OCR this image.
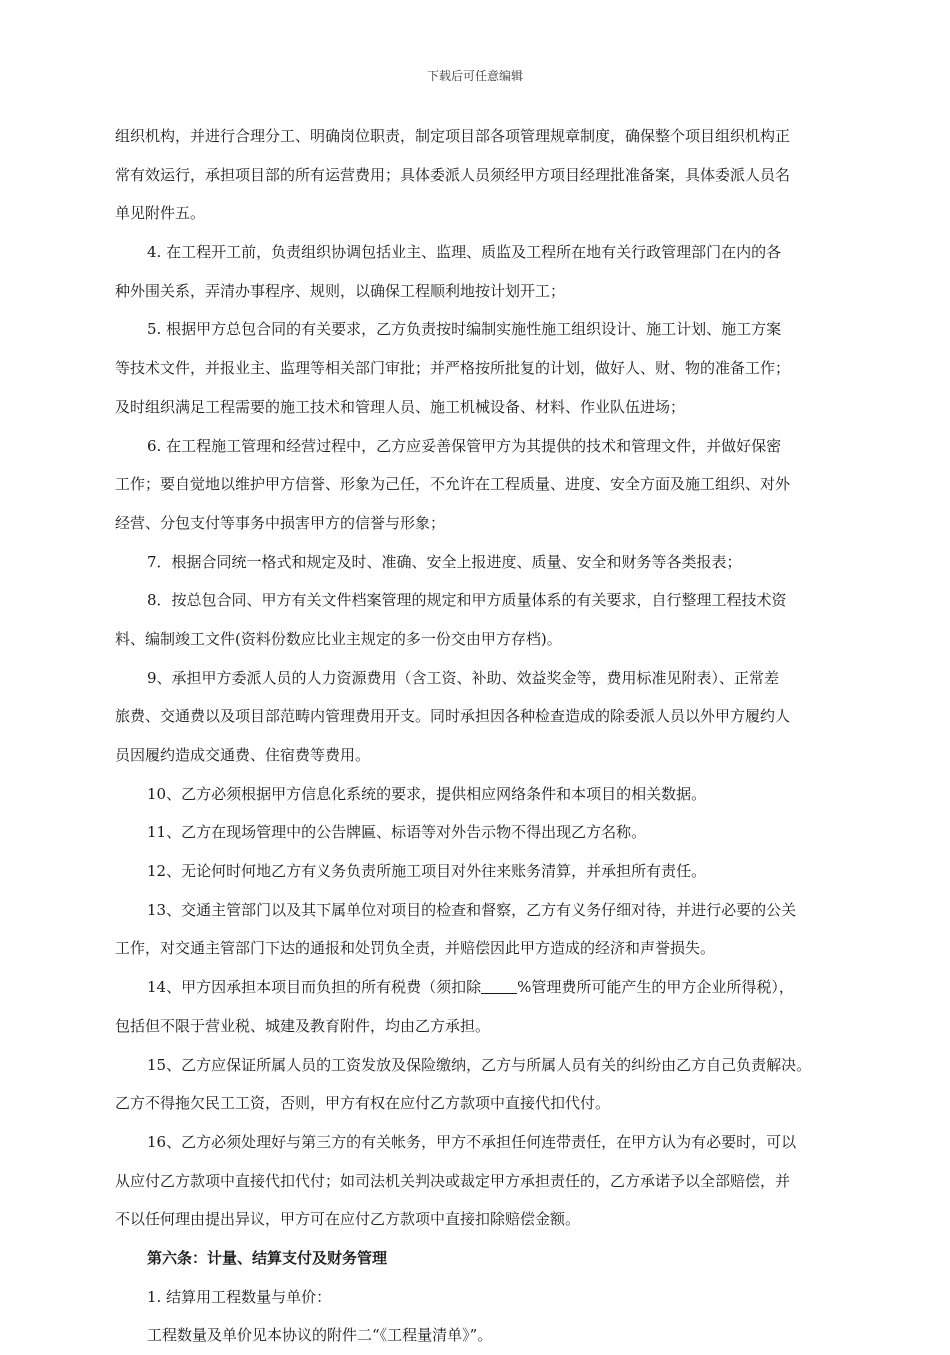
下载后可任意编辑
组织机构，并进行合理分工、明确岗位职责，制定项目部各项管理规章制度，确保整个项目组织机构正
常有效运行，承担项目部的所有运营费用；具体委派人员须经甲方项目经理批准备案，具体委派人员名
单见附件五。
4. 在工程开工前，负责组织协调包括业主、监理、质监及工程所在地有关行政管理部门在内的各
种外围关系，弄清办事程序、规则，以确保工程顺利地按计划开工；
5. 根据甲方总包合同的有关要求，乙方负责按时编制实施性施工组织设计、施工计划、施工方案
等技术文件，并报业主、监理等相关部门审批；并严格按所批复的计划，做好人、财、物的准备工作；
及时组织满足工程需要的施工技术和管理人员、施工机械设备、材料、作业队伍进场；
6. 在工程施工管理和经营过程中，乙方应妥善保管甲方为其提供的技术和管理文件，并做好保密
工作；要自觉地以维护甲方信誉、形象为己任，不允许在工程质量、进度、安全方面及施工组织、对外
经营、分包支付等事务中损害甲方的信誉与形象；
7．根据合同统一格式和规定及时、准确、安全上报进度、质量、安全和财务等各类报表；
8．按总包合同、甲方有关文件档案管理的规定和甲方质量体系的有关要求，自行整理工程技术资
料、编制竣工文件(资料份数应比业主规定的多一份交由甲方存档)。
9、承担甲方委派人员的人力资源费用（含工资、补助、效益奖金等，费用标准见附表）、正常差
旅费、交通费以及项目部范畴内管理费用开支。同时承担因各种检查造成的除委派人员以外甲方履约人
员因履约造成交通费、住宿费等费用。
10、乙方必须根据甲方信息化系统的要求，提供相应网络条件和本项目的相关数据。
11、乙方在现场管理中的公告牌匾、标语等对外告示物不得出现乙方名称。
12、无论何时何地乙方有义务负责所施工项目对外往来账务清算，并承担所有责任。
13、交通主管部门以及其下属单位对项目的检查和督察，乙方有义务仔细对待，并进行必要的公关
工作，对交通主管部门下达的通报和处罚负全责，并赔偿因此甲方造成的经济和声誉损失。
14、甲方因承担本项目而负担的所有税费（须扣除 %管理费所可能产生的甲方企业所得税），
包括但不限于营业税、城建及教育附件，均由乙方承担。
15、乙方应保证所属人员的工资发放及保险缴纳，乙方与所属人员有关的纠纷由乙方自己负责解决。
乙方不得拖欠民工工资，否则，甲方有权在应付乙方款项中直接代扣代付。
16、乙方必须处理好与第三方的有关帐务，甲方不承担任何连带责任，在甲方认为有必要时，可以
从应付乙方款项中直接代扣代付；如司法机关判决或裁定甲方承担责任的，乙方承诺予以全部赔偿，并
不以任何理由提出异议，甲方可在应付乙方款项中直接扣除赔偿金额。
第六条：计量、结算支付及财务管理
1. 结算用工程数量与单价：
工程数量及单价见本协议的附件二“《工程量清单》”。
